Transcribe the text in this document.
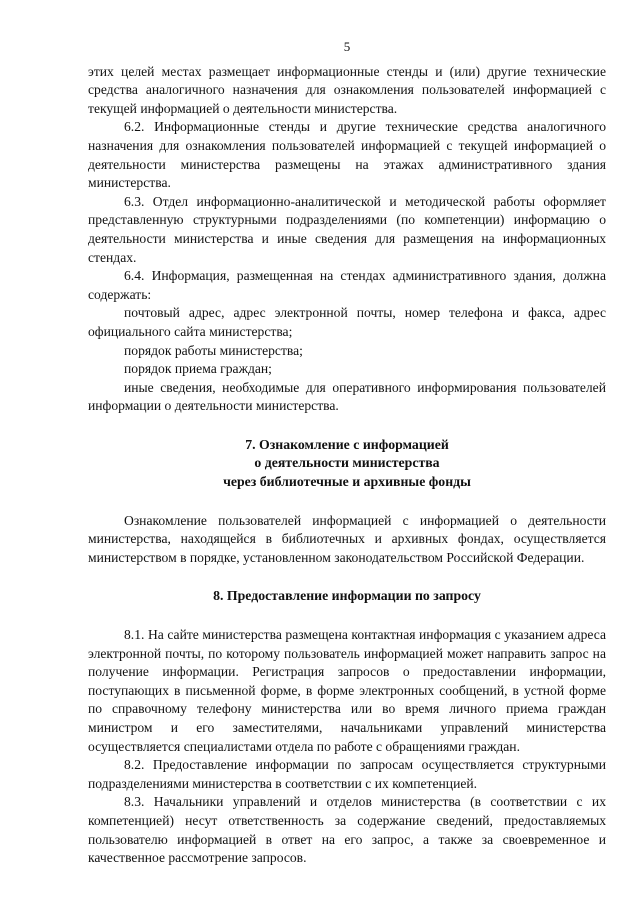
5

этих целей местах размещает информационные стенды и (или) другие технические средства аналогичного назначения для ознакомления пользователей информацией с текущей информацией о деятельности министерства.

6.2. Информационные стенды и другие технические средства аналогичного назначения для ознакомления пользователей информацией с текущей информацией о деятельности министерства размещены на этажах административного здания министерства.

6.3. Отдел информационно-аналитической и методической работы оформляет представленную структурными подразделениями (по компетенции) информацию о деятельности министерства и иные сведения для размещения на информационных стендах.

6.4. Информация, размещенная на стендах административного здания, должна содержать:

почтовый адрес, адрес электронной почты, номер телефона и факса, адрес официального сайта министерства;

порядок работы министерства;

порядок приема граждан;

иные сведения, необходимые для оперативного информирования пользователей информации о деятельности министерства.

7. Ознакомление с информацией
о деятельности министерства
через библиотечные и архивные фонды

Ознакомление пользователей информацией с информацией о деятельности министерства, находящейся в библиотечных и архивных фондах, осуществляется министерством в порядке, установленном законодательством Российской Федерации.

8. Предоставление информации по запросу

8.1. На сайте министерства размещена контактная информация с указанием адреса электронной почты, по которому пользователь информацией может направить запрос на получение информации. Регистрация запросов о предоставлении информации, поступающих в письменной форме, в форме электронных сообщений, в устной форме по справочному телефону министерства или во время личного приема граждан министром и его заместителями, начальниками управлений министерства осуществляется специалистами отдела по работе с обращениями граждан.

8.2. Предоставление информации по запросам осуществляется структурными подразделениями министерства в соответствии с их компетенцией.

8.3. Начальники управлений и отделов министерства (в соответствии с их компетенцией) несут ответственность за содержание сведений, предоставляемых пользователю информацией в ответ на его запрос, а также за своевременное и качественное рассмотрение запросов.
